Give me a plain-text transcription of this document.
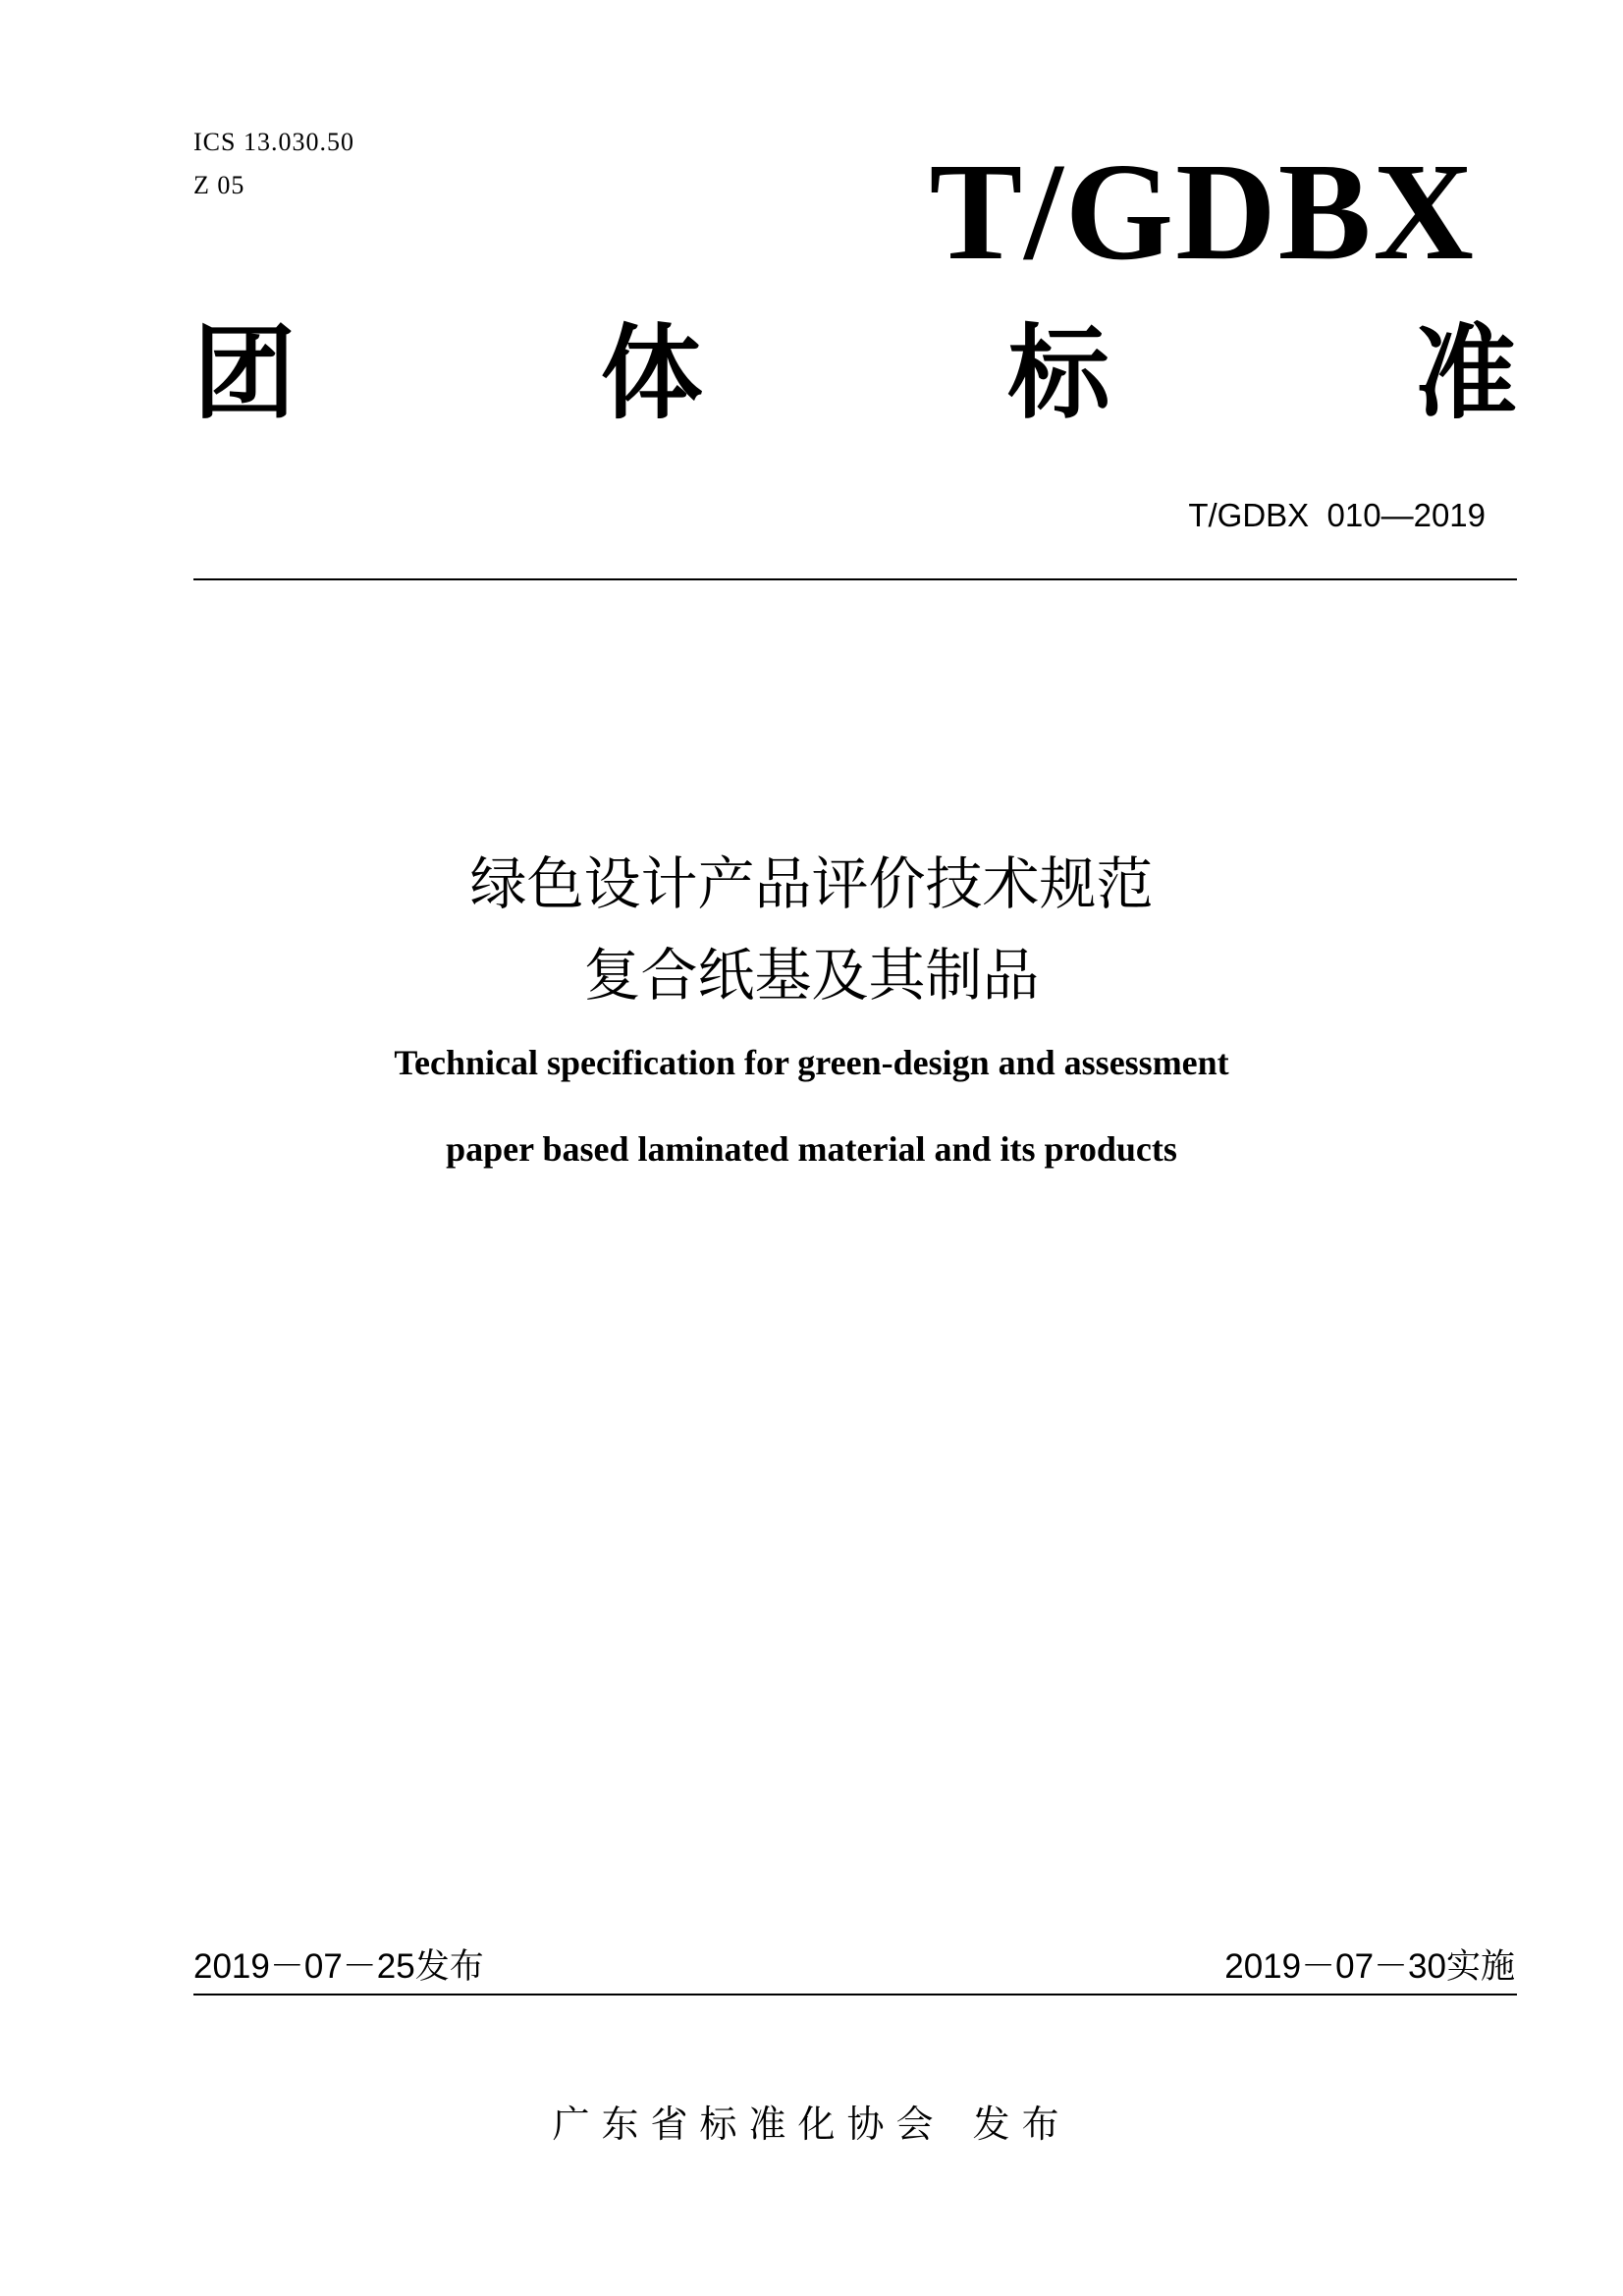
ICS 13.030.50
Z 05	T/GDBX
团	体	标	准
T/GDBX  010—2019
绿色设计产品评价技术规范
复合纸基及其制品
Technical specification for green-design and assessment
paper based laminated material and its products
2019－07－25发布	2019－07－30实施
广东省标准化协会 发布
